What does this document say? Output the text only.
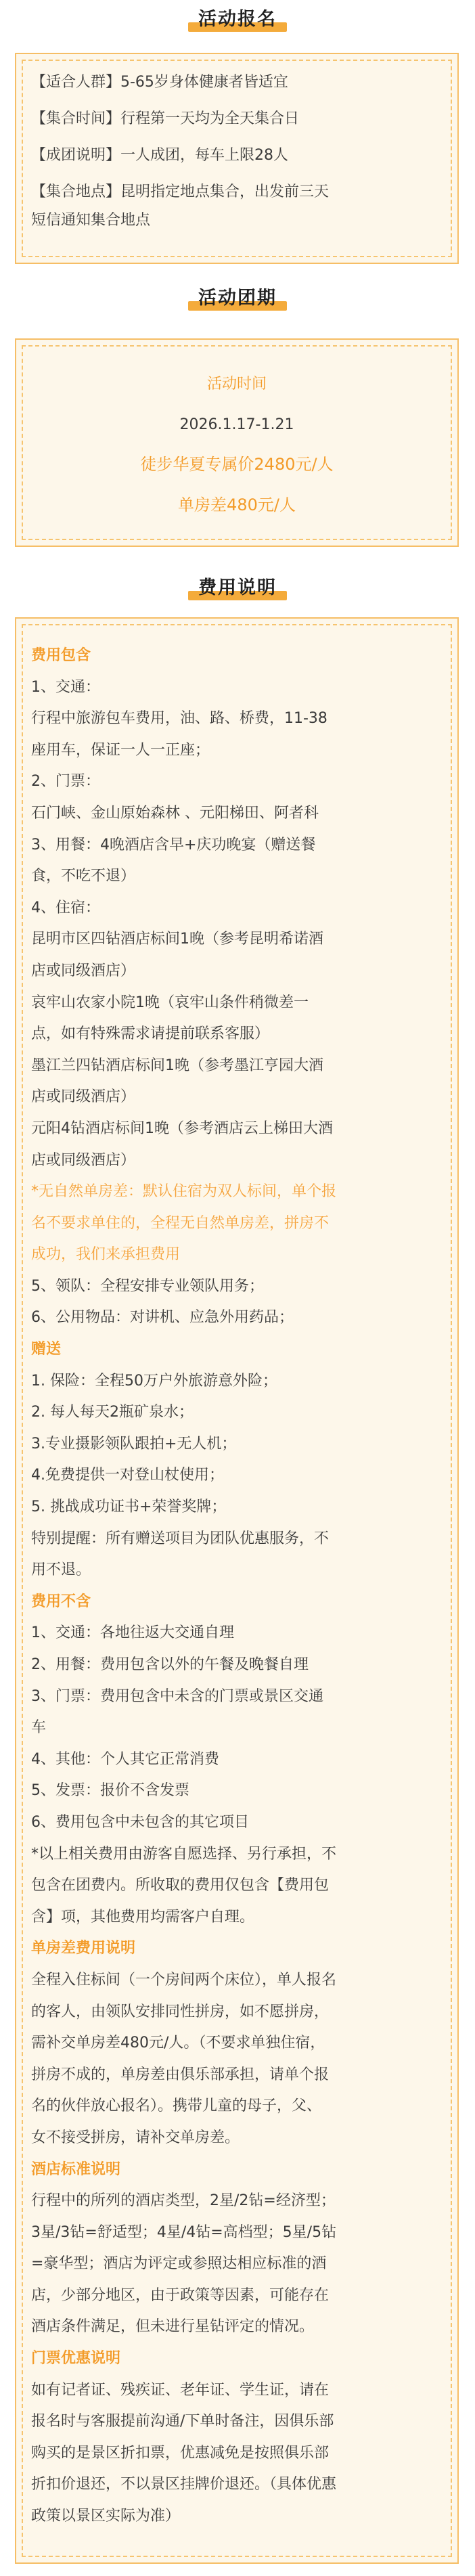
活动报名
【适合人群】5-65岁身体健康者皆适宜
【集合时间】行程第一天均为全天集合日
【成团说明】一人成团，每车上限28人
【集合地点】昆明指定地点集合，出发前三天
短信通知集合地点
活动团期
活动时间
2026.1.17-1.21
徒步华夏专属价2480元/人
单房差480元/人
费用说明
费用包含
1、交通：
行程中旅游包车费用，油、路、桥费，11-38
座用车，保证一人一正座；
2、门票：
石门峡、金山原始森林 、元阳梯田、阿者科
3、用餐：4晚酒店含早+庆功晚宴（赠送餐
食，不吃不退）
4、住宿：
昆明市区四钻酒店标间1晚（参考昆明希诺酒
店或同级酒店）
哀牢山农家小院1晚（哀牢山条件稍微差一
点，如有特殊需求请提前联系客服）
墨江兰四钻酒店标间1晚（参考墨江亨园大酒
店或同级酒店）
元阳4钻酒店标间1晚（参考酒店云上梯田大酒
店或同级酒店）
*无自然单房差：默认住宿为双人标间，单个报
名不要求单住的，全程无自然单房差，拼房不
成功，我们来承担费用
5、领队：全程安排专业领队用务；
6、公用物品：对讲机、应急外用药品；
赠送
1. 保险：全程50万户外旅游意外险；
2. 每人每天2瓶矿泉水；
3.专业摄影领队跟拍+无人机；
4.免费提供一对登山杖使用；
5. 挑战成功证书+荣誉奖牌；
特别提醒：所有赠送项目为团队优惠服务，不
用不退。
费用不含
1、交通：各地往返大交通自理
2、用餐：费用包含以外的午餐及晚餐自理
3、门票：费用包含中未含的门票或景区交通
车
4、其他：个人其它正常消费
5、发票：报价不含发票
6、费用包含中未包含的其它项目
*以上相关费用由游客自愿选择、另行承担，不
包含在团费内。所收取的费用仅包含【费用包
含】项，其他费用均需客户自理。
单房差费用说明
全程入住标间（一个房间两个床位），单人报名
的客人，由领队安排同性拼房，如不愿拼房，
需补交单房差480元/人。（不要求单独住宿，
拼房不成的，单房差由俱乐部承担，请单个报
名的伙伴放心报名）。携带儿童的母子，父、
女不接受拼房，请补交单房差。
酒店标准说明
行程中的所列的酒店类型，2星/2钻=经济型；
3星/3钻=舒适型；4星/4钻=高档型；5星/5钻
=豪华型；酒店为评定或参照达相应标准的酒
店，少部分地区，由于政策等因素，可能存在
酒店条件满足，但未进行星钻评定的情况。
门票优惠说明
如有记者证、残疾证、老年证、学生证，请在
报名时与客服提前沟通/下单时备注，因俱乐部
购买的是景区折扣票，优惠减免是按照俱乐部
折扣价退还，不以景区挂牌价退还。（具体优惠
政策以景区实际为准）
